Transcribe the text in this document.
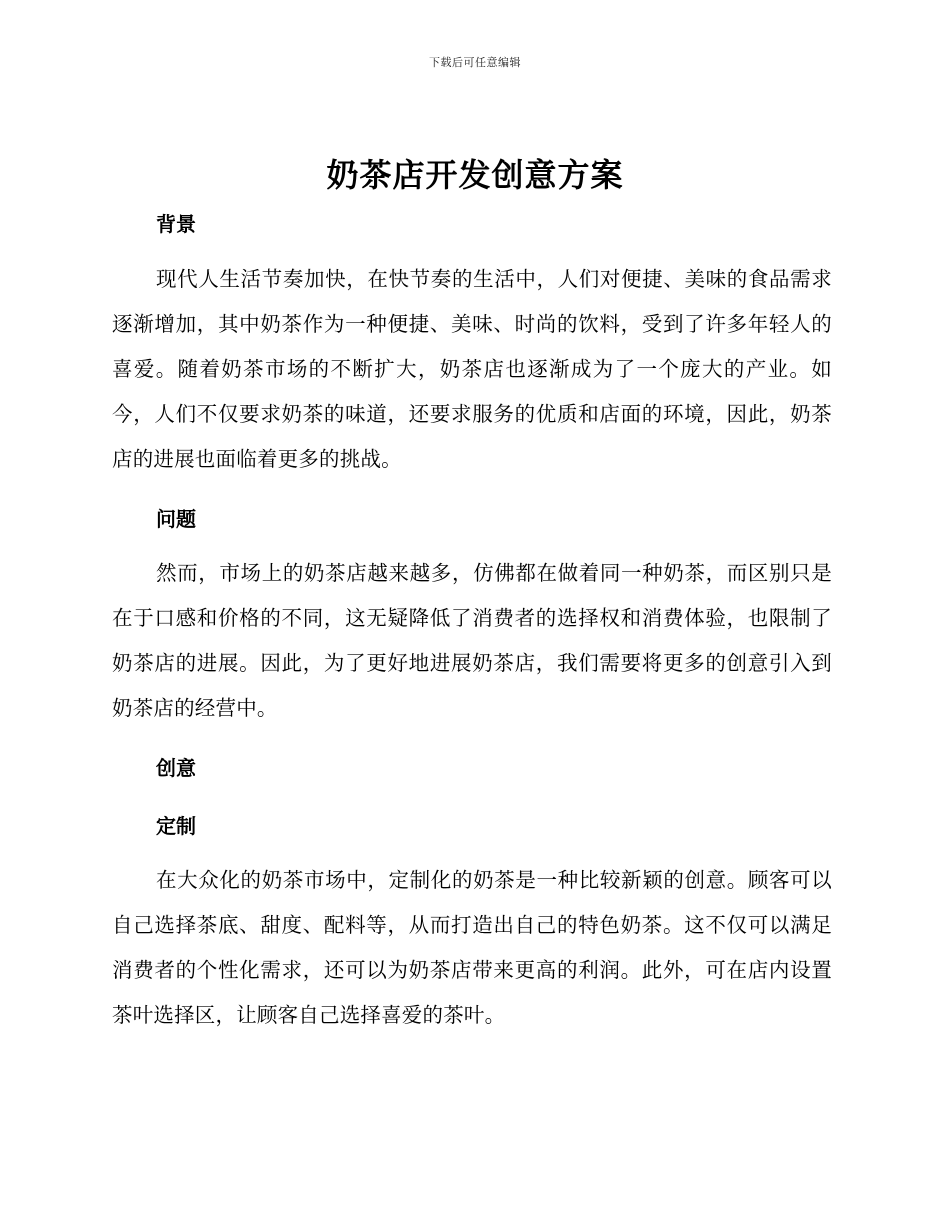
下载后可任意编辑
奶茶店开发创意方案
背景
现代人生活节奏加快，在快节奏的生活中，人们对便捷、美味的食品需求逐渐增加，其中奶茶作为一种便捷、美味、时尚的饮料，受到了许多年轻人的喜爱。随着奶茶市场的不断扩大，奶茶店也逐渐成为了一个庞大的产业。如今，人们不仅要求奶茶的味道，还要求服务的优质和店面的环境，因此，奶茶店的进展也面临着更多的挑战。
问题
然而，市场上的奶茶店越来越多，仿佛都在做着同一种奶茶，而区别只是在于口感和价格的不同，这无疑降低了消费者的选择权和消费体验，也限制了奶茶店的进展。因此，为了更好地进展奶茶店，我们需要将更多的创意引入到奶茶店的经营中。
创意
定制
在大众化的奶茶市场中，定制化的奶茶是一种比较新颖的创意。顾客可以自己选择茶底、甜度、配料等，从而打造出自己的特色奶茶。这不仅可以满足消费者的个性化需求，还可以为奶茶店带来更高的利润。此外，可在店内设置茶叶选择区，让顾客自己选择喜爱的茶叶。
